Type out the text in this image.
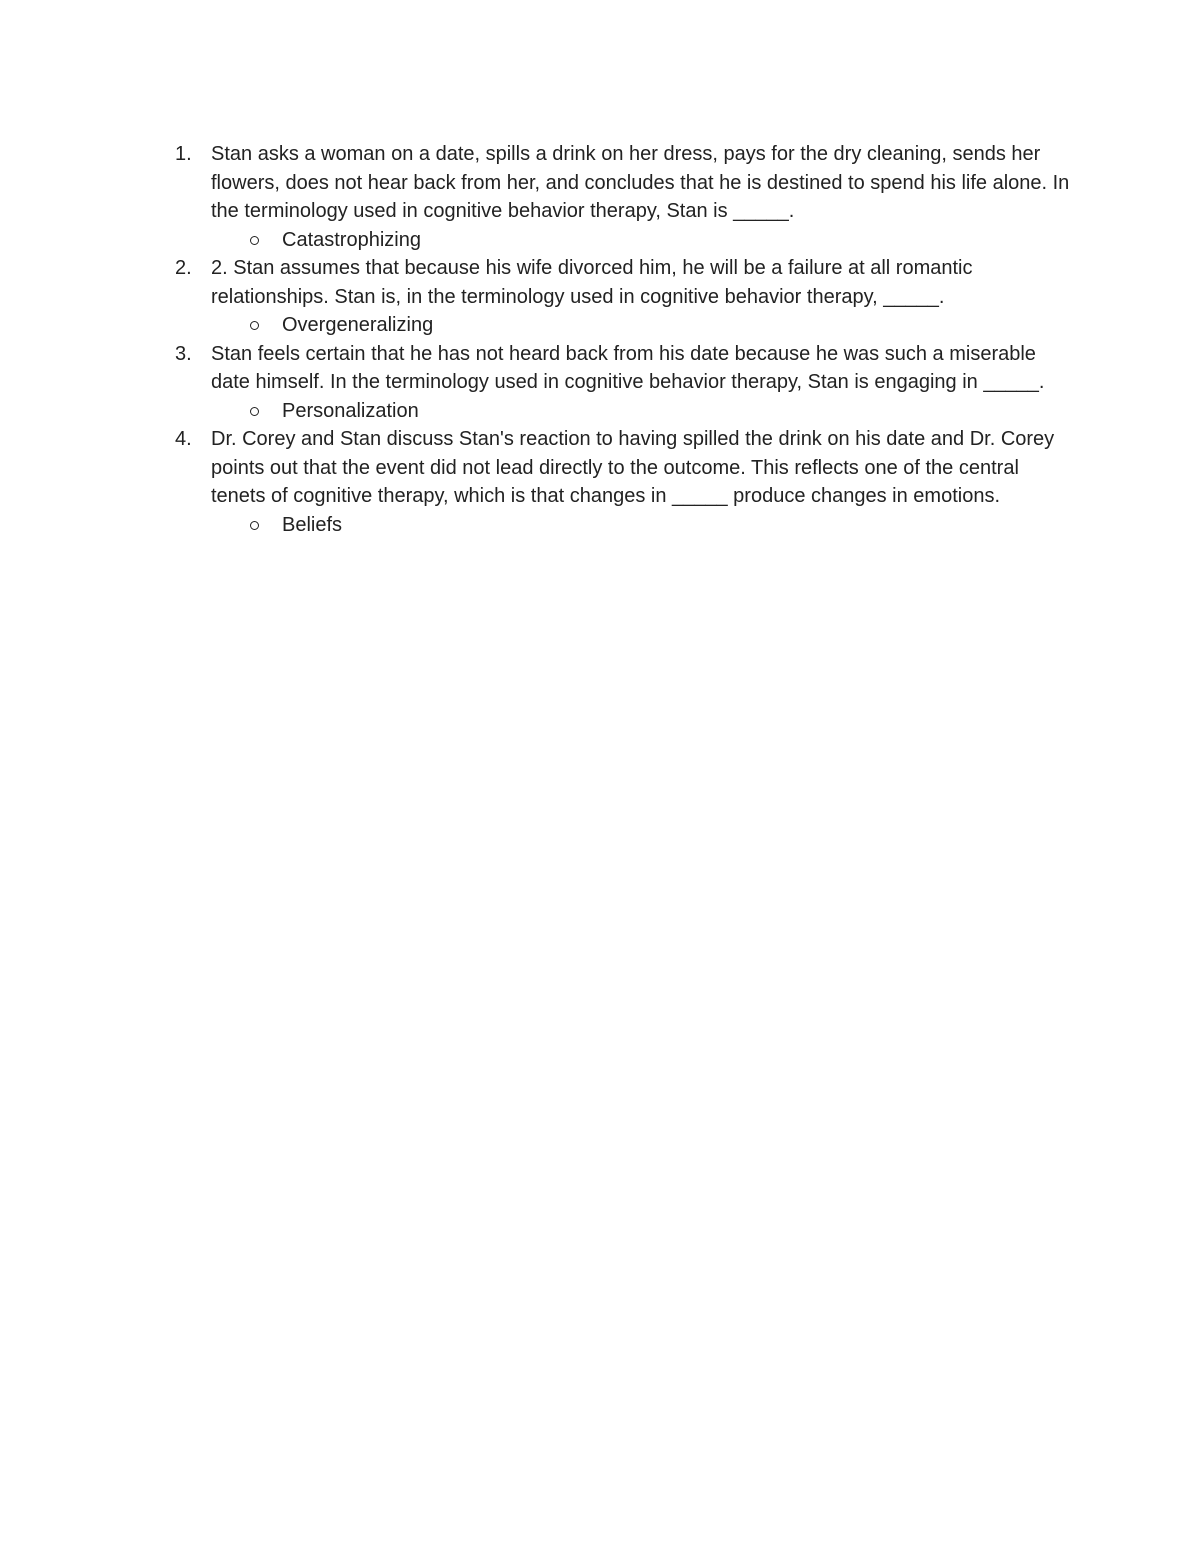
1. Stan asks a woman on a date, spills a drink on her dress, pays for the dry cleaning, sends her flowers, does not hear back from her, and concludes that he is destined to spend his life alone. In the terminology used in cognitive behavior therapy, Stan is _____.
Catastrophizing
2. 2. Stan assumes that because his wife divorced him, he will be a failure at all romantic relationships. Stan is, in the terminology used in cognitive behavior therapy, _____.
Overgeneralizing
3. Stan feels certain that he has not heard back from his date because he was such a miserable date himself. In the terminology used in cognitive behavior therapy, Stan is engaging in _____.
Personalization
4. Dr. Corey and Stan discuss Stan's reaction to having spilled the drink on his date and Dr. Corey points out that the event did not lead directly to the outcome. This reflects one of the central tenets of cognitive therapy, which is that changes in _____ produce changes in emotions.
Beliefs
